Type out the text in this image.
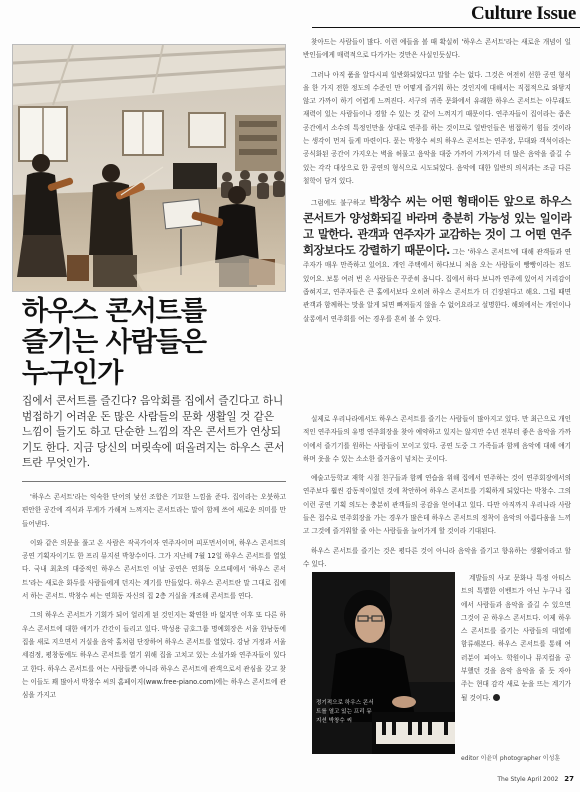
Culture Issue
하우스 콘서트를
즐기는 사람들은
누구인가
집에서 콘서트를 즐긴다? 음악회를 집에서 즐긴다고 하니 범접하기 어려운 돈 많은 사람들의 문화 생활일 것 같은 느낌이 들기도 하고 단순한 느낌의 작은 콘서트가 연상되기도 한다. 지금 당신의 머릿속에 떠올려지는 하우스 콘서트란 무엇인가.

'하우스 콘서트'라는 익숙한 단어의 낯선 조합은 기묘한 느낌을 준다. 집이라는 오붓하고 편안한 공간에 격식과 무게가 가해져 느껴지는 콘서트라는 말이 함께 쓰여 새로운 의미를 만들어낸다.

이와 같은 의문을 풀고 온 사람은 작곡가이자 연주자이며 피포먼서이며, 하우스 콘서트의 공연 기획자이기도 한 프리 뮤지션 박창수이다. 그가 지난해 7월 12일 하우스 콘서트를 열었다. 국내 최초의 대중적인 하우스 콘서트인 이날 공연은 연희동 오르테에서 '하우스 콘서트'라는 새로운 화두를 사람들에게 던지는 계기를 만들었다. 하우스 콘서트란 말 그대로 집에서 하는 콘서트. 박창수 씨는 연희동 자신의 집 2층 거실을 개조해 콘서트를 연다.

그의 하우스 콘서트가 기회가 되어 얼리게 된 것인지는 확연한 바 없지만 이후 또 다른 하우스 콘서트에 대한 얘기가 간간이 들리고 있다. 박성용 금호그룹 명예회장은 서울 한남동에 집을 새로 지으면서 거실을 음악 홀처럼 단장하여 하우스 콘서트를 열었다. 강남 거정과 서울 세검정, 평창동에도 하우스 콘서트를 열기 위해 집을 고치고 있는 소설가와 연주자들이 있다고 한다. 하우스 콘서트를 여는 사람들뿐 아니라 하우스 콘서트에 관객으로서 관심을 갖고 찾는 이들도 꽤 많아서 박창수 씨의 홈페이지(www.free-piano.com)에는 하우스 콘서트에 관심을 가지고

찾아드는 사람들이 많다. 이런 예들을 볼 때 확실히 '하우스 콘서트'라는 새로운 개념이 일반인들에게 매력적으로 다가가는 것만은 사실인듯싶다.

그러나 아직 품을 알다시피 일반화되었다고 말할 수는 없다. 그것은 여전히 선한 공연 형식을 한 가지 전한 정도의 수준인 만 어떻게 즐거워 하는 것인지에 대해서는 직접적으로 와닿지 않고 가까이 하기 어렵게 느껴진다. 서구의 귀족 문화에서 유래한 하우스 콘서트는 아무래도 재력이 있는 사람들이나 경할 수 있는 것 같이 느껴지기 때문이다. 연주자들이 집이라는 좁은 공간에서 소수의 특정인만을 상대로 연주를 하는 것이므로 일반인들은 범접하기 힘들 것이라는 생각이 먼저 들게 마련이다. 묻는 박창수 씨의 하우스 콘서트는 연주장, 무대와 객석이라는 공식화된 공간이 가지오는 벽을 허물고 음악을 대중 가까이 가져가서 더 많은 음악을 즐길 수 있는 각각 대상으로 한 공연의 형식으로 시도되었다. 음악에 대한 일반의 의식과는 조금 다른 철학이 담겨 있다.

그럼에도 불구하고 박창수 씨는 어떤 형태이든 앞으로 하우스 콘서트가 양성화되길 바라며 충분히 가능성 있는 일이라고 말한다. 관객과 연주자가 교감하는 것이 그 어떤 연주회장보다도 강렬하기 때문이다. 그는 '하우스 콘서트'에 대해 관객들과 연주자가 매우 만족하고 있어요. 개인 주택에서 하다보니 처음 오는 사람들이 빵빵이라는 점도 있어요. 보통 여러 번 온 사람들은 꾸준히 옵니다. 집에서 하다 보니까 연주에 있어서 거리감이 좁혀지고, 연주자들은 큰 홀에서보다 오히려 하우스 콘서트가 더 긴장된다고 해요. 그럴 때면 관객과 함께하는 맛을 알게 되면 빠져들지 않을 수 없어요라고 설명한다. 해외에서는 개인이나 살롱에서 연주회를 여는 경우를 흔히 볼 수 있다.

실제로 우리나라에서도 하우스 콘서트를 즐기는 사람들이 많아지고 있다. 만 최근으로 개인적인 연주자들의 유명 연주회장을 찾아 예약하고 있지는 않지만 수년 전부터 좋은 음악을 가까이에서 즐기기를 원하는 사람들이 모이고 있다. 공연 도중 그 가족들과 함께 음악에 대해 얘기하며 웃을 수 있는 소소한 즐거움이 넘치는 곳이다.

예술고등학교 재학 시절 친구들과 함께 연습을 위해 집에서 연주하는 것이 연주회장에서의 연주보다 훨씬 감동적이었던 것에 착안하여 하우스 콘서트를 기획하게 되었다는 박창수. 그의 이런 공연 기획 의도는 충분히 관객들의 공감을 얻어내고 있다. 다만 아직까지 우리나라 사람들은 접수로 연주회장을 가는 경우가 많은데 하우스 콘서트의 정착이 음악의 아름다움을 느끼고 그것에 즐거워할 줄 아는 사람들을 늘어가게 할 것이라 기대된다.

하우스 콘서트를 즐기는 것은 평다른 것이 아니라 음악을 즐기고 향유하는 생활이라고 할 수 있다.

정기적으로 하우스 콘서트를 열고 있는 프리 뮤지션 박창수 씨

계발들의 사교 문화나 특정 아티스트의 특별한 이벤트가 아닌 누구나 집에서 사람들과 음악을 즐길 수 있으면 그것이 곧 하우스 콘서트다. 이제 하우스 콘서트를 즐기는 사람들의 대열에 함류해본다. 하우스 콘서트를 통해 여러분이 피아노 학원이나 뮤지컬을 공부했던 것을 음악 음악을 줄 듯 자아 주는 현대 감각 새로 눈을 뜨는 계기가 될 것이다.

editor 이윤미 photographer 이성훈
The Style April 2002 27
